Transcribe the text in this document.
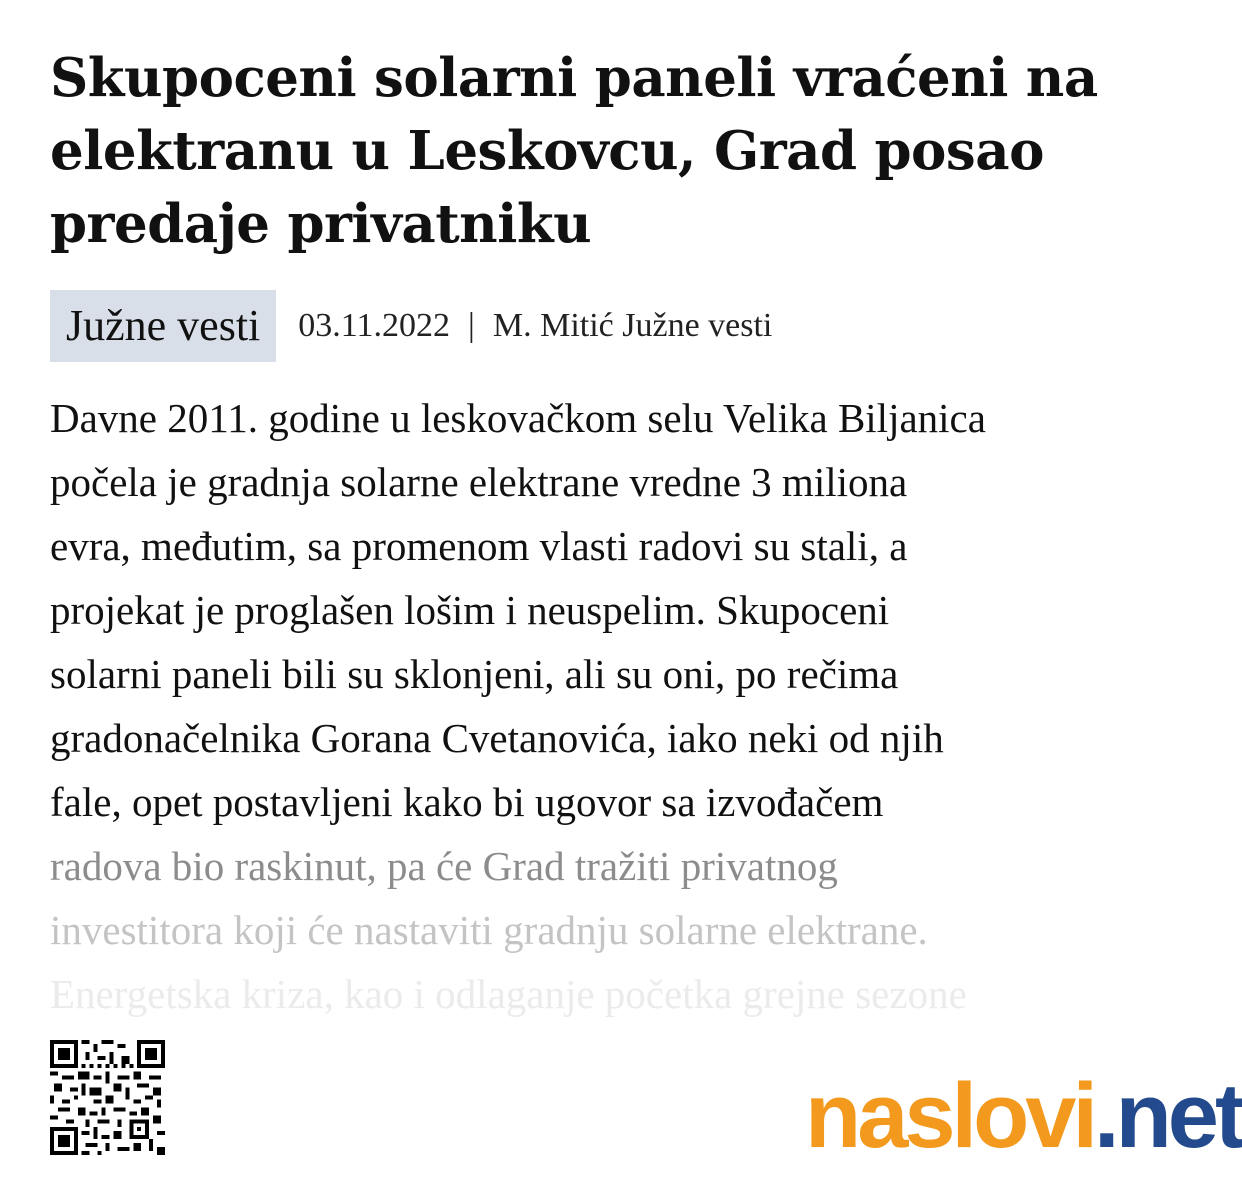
Skupoceni solarni paneli vraćeni na elektranu u Leskovcu, Grad posao predaje privatniku
Južne vesti	03.11.2022 | M. Mitić Južne vesti

Davne 2011. godine u leskovačkom selu Velika Biljanica
počela je gradnja solarne elektrane vredne 3 miliona
evra, međutim, sa promenom vlasti radovi su stali, a
projekat je proglašen lošim i neuspelim. Skupoceni
solarni paneli bili su sklonjeni, ali su oni, po rečima
gradonačelnika Gorana Cvetanovića, iako neki od njih
fale, opet postavljeni kako bi ugovor sa izvođačem
radova bio raskinut, pa će Grad tražiti privatnog
investitora koji će nastaviti gradnju solarne elektrane.
Energetska kriza, kao i odlaganje početka grejne sezone

naslovi.net
